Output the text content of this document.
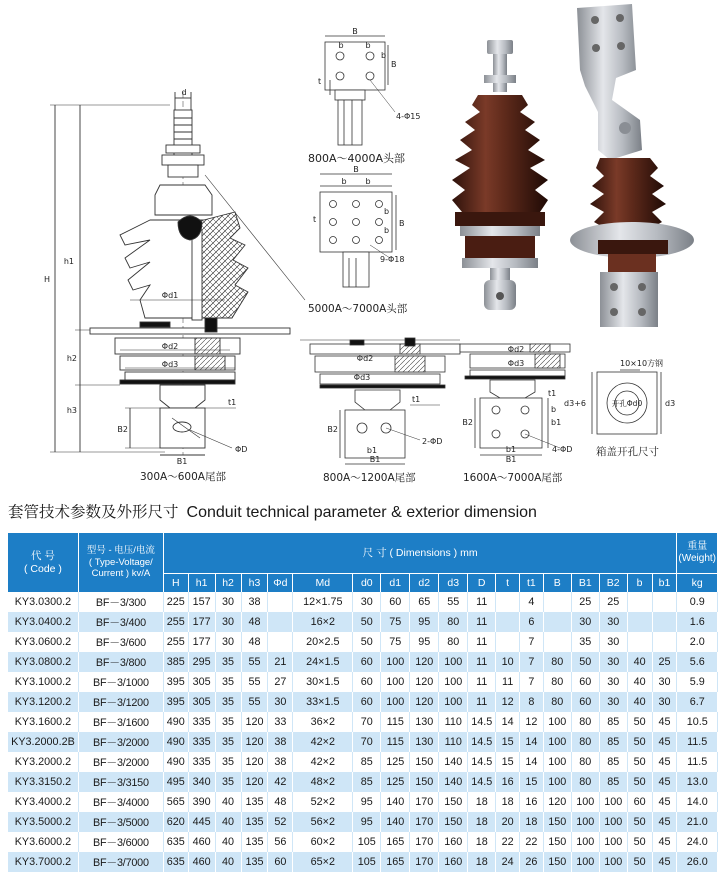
d
H
h1
h2
h3
Φd1
Φd2
Φd3
t1
B2
B1
ΦD
B
b	b
B
b
t
4-Φ15
800A～4000A头部
B
b b
B
b
b
t
9-Φ18
5000A～7000A头部
Φd2
Φd3
t1
B2
b1
B1
2-ΦD
800A～1200A尾部
Φd2
Φd3
t1
B2	b1
b
b1
B1
4-ΦD
1600A～7000A尾部
10×10方钢
开孔Φd0
d3+6	d3
箱盖开孔尺寸
300A～600A尾部
套管技术参数及外形尺寸 Conduit technical parameter & exterior dimension
代 号
( Code )	型号 - 电压/电流
( Type-Voltage/
Current ) kv/A	尺 寸 ( Dimensions ) mm																		重量
(Weight)
		H	h1	h2	h3	Φd	Md	d0	d1	d2	d3	D	t	t1	B	B1	B2	b	b1	kg
KY3.0300.2	BF－3/300	225	157	30	38		12×1.75	30	60	65	55	11		4		25	25			0.9
KY3.0400.2	BF－3/400	255	177	30	48		16×2	50	75	95	80	11		6		30	30			1.6
KY3.0600.2	BF－3/600	255	177	30	48		20×2.5	50	75	95	80	11		7		35	30			2.0
KY3.0800.2	BF－3/800	385	295	35	55	21	24×1.5	60	100	120	100	11	10	7	80	50	30	40	25	5.6
KY3.1000.2	BF－3/1000	395	305	35	55	27	30×1.5	60	100	120	100	11	11	7	80	60	30	40	30	5.9
KY3.1200.2	BF－3/1200	395	305	35	55	30	33×1.5	60	100	120	100	11	12	8	80	60	30	40	30	6.7
KY3.1600.2	BF－3/1600	490	335	35	120	33	36×2	70	115	130	110	14.5	14	12	100	80	85	50	45	10.5
KY3.2000.2B	BF－3/2000	490	335	35	120	38	42×2	70	115	130	110	14.5	15	14	100	80	85	50	45	11.5
KY3.2000.2	BF－3/2000	490	335	35	120	38	42×2	85	125	150	140	14.5	15	14	100	80	85	50	45	11.5
KY3.3150.2	BF－3/3150	495	340	35	120	42	48×2	85	125	150	140	14.5	16	15	100	80	85	50	45	13.0
KY3.4000.2	BF－3/4000	565	390	40	135	48	52×2	95	140	170	150	18	18	16	120	100	100	60	45	14.0
KY3.5000.2	BF－3/5000	620	445	40	135	52	56×2	95	140	170	150	18	20	18	150	100	100	50	45	21.0
KY3.6000.2	BF－3/6000	635	460	40	135	56	60×2	105	165	170	160	18	22	22	150	100	100	50	45	24.0
KY3.7000.2	BF－3/7000	635	460	40	135	60	65×2	105	165	170	160	18	24	26	150	100	100	50	45	26.0
